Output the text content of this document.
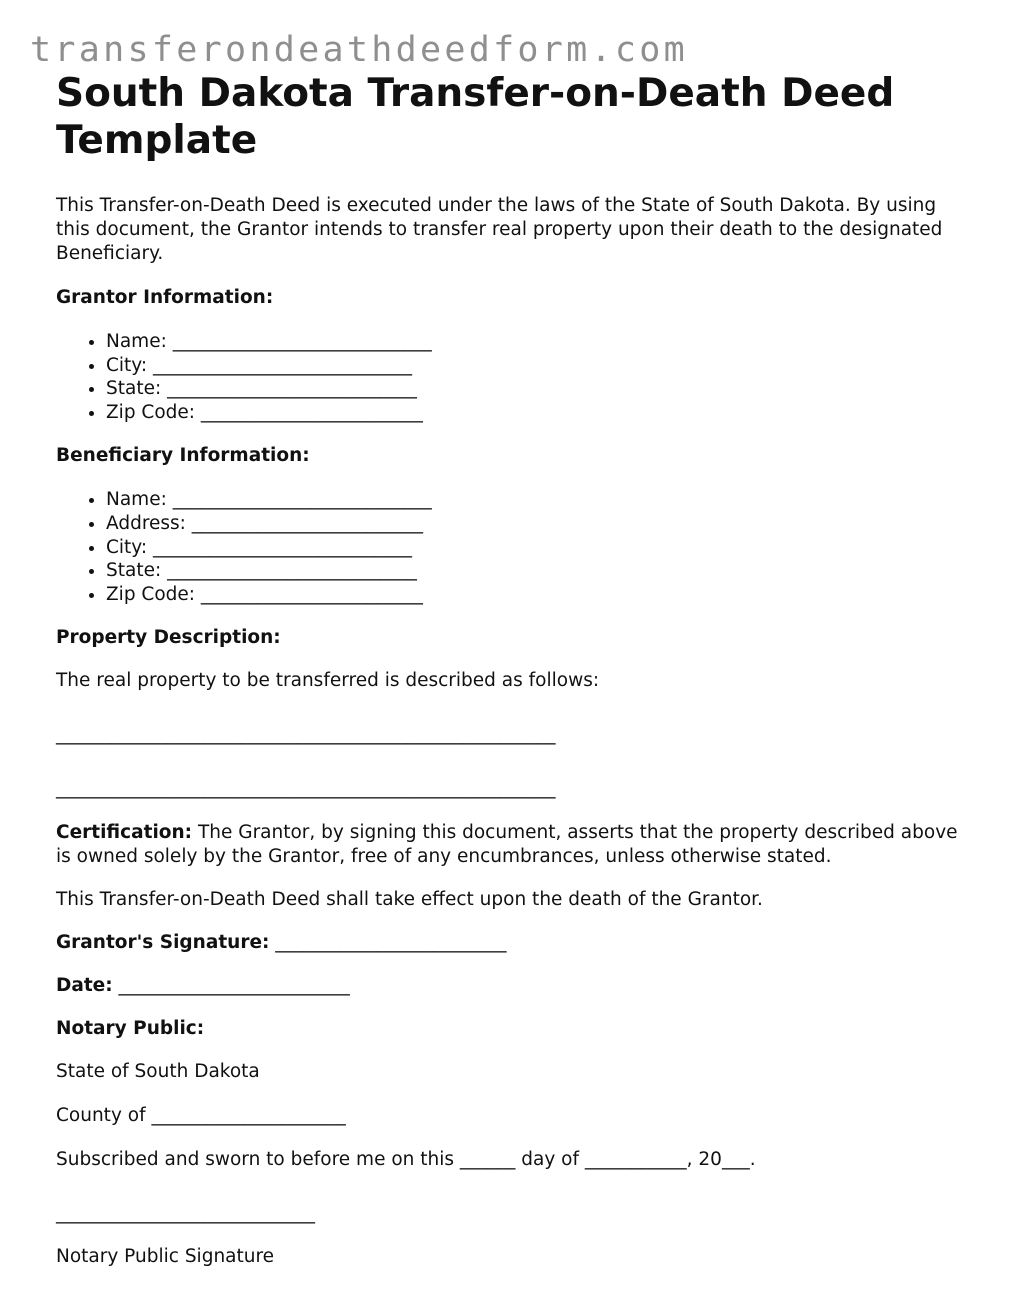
transferondeathdeedform.com
South Dakota Transfer-on-Death Deed Template

This Transfer-on-Death Deed is executed under the laws of the State of South Dakota. By using this document, the Grantor intends to transfer real property upon their death to the designated Beneficiary.

Grantor Information:

• Name: ____________________________
• City: ____________________________
• State: ___________________________
• Zip Code: ________________________

Beneficiary Information:

• Name: ____________________________
• Address: _________________________
• City: ____________________________
• State: ___________________________
• Zip Code: ________________________

Property Description:

The real property to be transferred is described as follows:

______________________________________________________

______________________________________________________

Certification: The Grantor, by signing this document, asserts that the property described above is owned solely by the Grantor, free of any encumbrances, unless otherwise stated.

This Transfer-on-Death Deed shall take effect upon the death of the Grantor.

Grantor's Signature: _________________________

Date: _________________________

Notary Public:

State of South Dakota

County of _____________________

Subscribed and sworn to before me on this ______ day of ___________, 20___.

____________________________

Notary Public Signature
